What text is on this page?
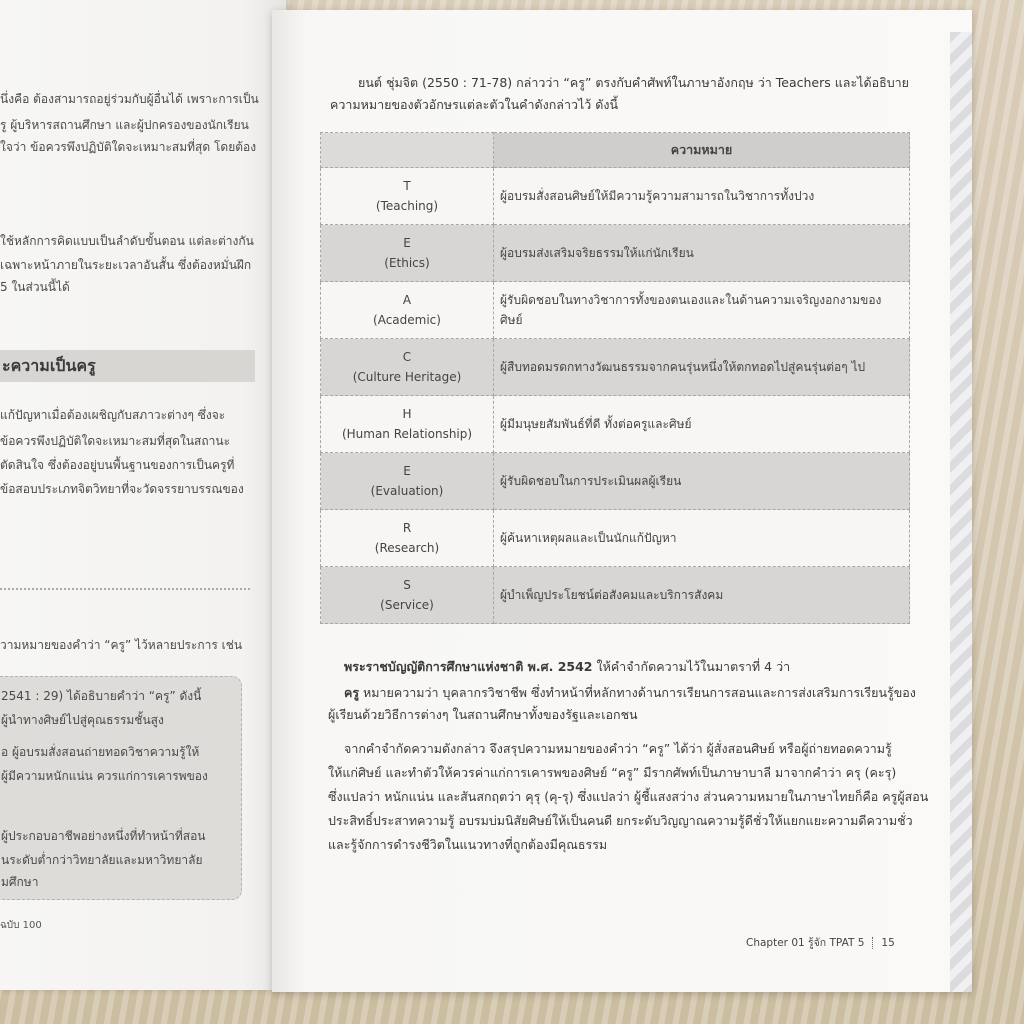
นึ่งคือ ต้องสามารถอยู่ร่วมกับผู้อื่นได้ เพราะการเป็น
รู ผู้บริหารสถานศึกษา และผู้ปกครองของนักเรียน
ใจว่า ข้อควรพึงปฏิบัติใดจะเหมาะสมที่สุด โดยต้อง
ใช้หลักการคิดแบบเป็นลำดับขั้นตอน แต่ละต่างกัน
เฉพาะหน้าภายในระยะเวลาอันสั้น ซึ่งต้องหมั่นฝึก
5 ในส่วนนี้ได้
ะความเป็นครู
แก้ปัญหาเมื่อต้องเผชิญกับสภาวะต่างๆ ซึ่งจะ
ข้อควรพึงปฏิบัติใดจะเหมาะสมที่สุดในสถานะ
ตัดสินใจ ซึ่งต้องอยู่บนพื้นฐานของการเป็นครูที่
ข้อสอบประเภทจิตวิทยาที่จะวัดจรรยาบรรณของ
วามหมายของคำว่า “ครู” ไว้หลายประการ เช่น
2541 : 29) ได้อธิบายคำว่า “ครู” ดังนี้
ผู้นำทางศิษย์ไปสู่คุณธรรมชั้นสูง
อ ผู้อบรมสั่งสอนถ่ายทอดวิชาความรู้ให้
ผู้มีความหนักแน่น ควรแก่การเคารพของ
ผู้ประกอบอาชีพอย่างหนึ่งที่ทำหน้าที่สอน
นระดับต่ำกว่าวิทยาลัยและมหาวิทยาลัย
มศึกษา
ฉบับ 100
ยนต์ ชุ่มจิต (2550 : 71-78) กล่าวว่า “ครู” ตรงกับคำศัพท์ในภาษาอังกฤษ ว่า Teachers และได้อธิบาย
ความหมายของตัวอักษรแต่ละตัวในคำดังกล่าวไว้ ดังนี้
	ความหมาย
T
(Teaching)	ผู้อบรมสั่งสอนศิษย์ให้มีความรู้ความสามารถในวิชาการทั้งปวง
E
(Ethics)	ผู้อบรมส่งเสริมจริยธรรมให้แก่นักเรียน
A
(Academic)	ผู้รับผิดชอบในทางวิชาการทั้งของตนเองและในด้านความเจริญงอกงามของศิษย์
C
(Culture Heritage)	ผู้สืบทอดมรดกทางวัฒนธรรมจากคนรุ่นหนึ่งให้ตกทอดไปสู่คนรุ่นต่อๆ ไป
H
(Human Relationship)	ผู้มีมนุษยสัมพันธ์ที่ดี ทั้งต่อครูและศิษย์
E
(Evaluation)	ผู้รับผิดชอบในการประเมินผลผู้เรียน
R
(Research)	ผู้ค้นหาเหตุผลและเป็นนักแก้ปัญหา
S
(Service)	ผู้บำเพ็ญประโยชน์ต่อสังคมและบริการสังคม
พระราชบัญญัติการศึกษาแห่งชาติ พ.ศ. 2542 ให้คำจำกัดความไว้ในมาตราที่ 4 ว่า
ครู หมายความว่า บุคลากรวิชาชีพ ซึ่งทำหน้าที่หลักทางด้านการเรียนการสอนและการส่งเสริมการเรียนรู้ของ
ผู้เรียนด้วยวิธีการต่างๆ ในสถานศึกษาทั้งของรัฐและเอกชน
จากคำจำกัดความดังกล่าว จึงสรุปความหมายของคำว่า “ครู” ได้ว่า ผู้สั่งสอนศิษย์ หรือผู้ถ่ายทอดความรู้
ให้แก่ศิษย์ และทำตัวให้ควรค่าแก่การเคารพของศิษย์ “ครู” มีรากศัพท์เป็นภาษาบาลี มาจากคำว่า ครุ (คะรุ)
ซึ่งแปลว่า หนักแน่น และสันสกฤตว่า คุรุ (คุ-รุ) ซึ่งแปลว่า ผู้ชี้แสงสว่าง ส่วนความหมายในภาษาไทยก็คือ ครูผู้สอน
ประสิทธิ์ประสาทความรู้ อบรมบ่มนิสัยศิษย์ให้เป็นคนดี ยกระดับวิญญาณความรู้ดีชั่วให้แยกแยะความดีความชั่ว
และรู้จักการดำรงชีวิตในแนวทางที่ถูกต้องมีคุณธรรม
Chapter 01 รู้จัก TPAT 5 15
